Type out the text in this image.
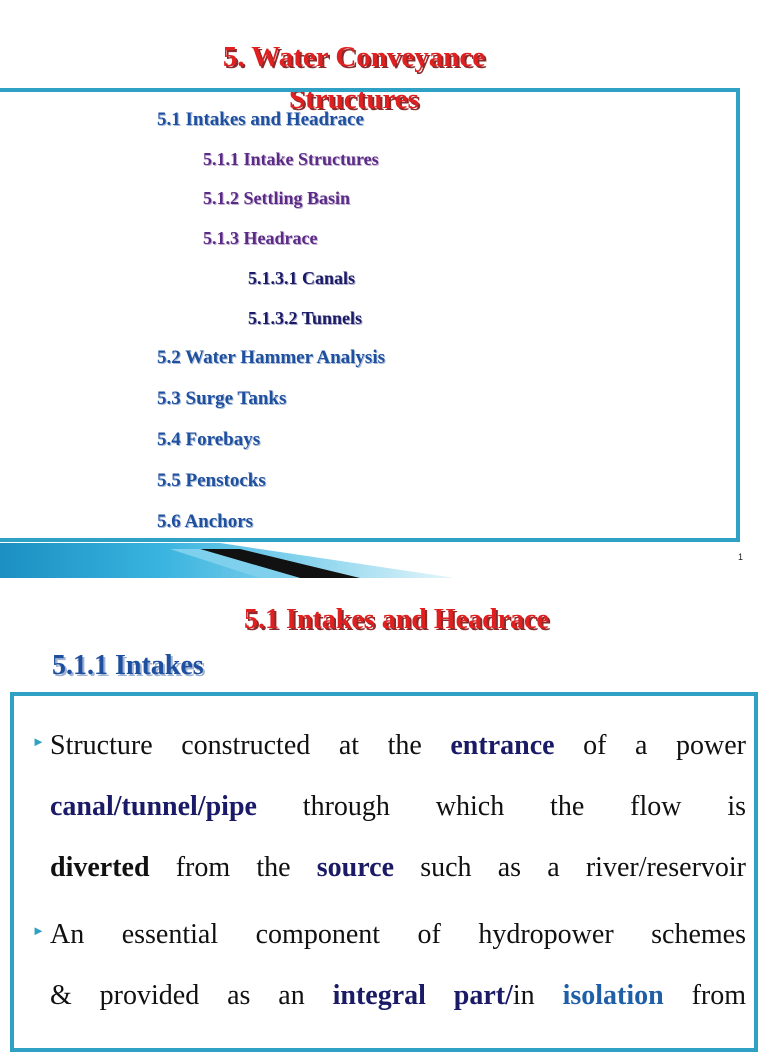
5. Water Conveyance
Structures
5.1 Intakes and Headrace
5.1.1 Intake Structures
5.1.2 Settling Basin
5.1.3 Headrace
5.1.3.1 Canals
5.1.3.2 Tunnels
5.2 Water Hammer Analysis
5.3 Surge Tanks
5.4 Forebays
5.5 Penstocks
5.6 Anchors
1
5.1 Intakes and Headrace
5.1.1 Intakes
► Structure constructed at the entrance of a power
canal/tunnel/pipe through which the flow is
diverted from the source such as a river/reservoir
► An essential component of hydropower schemes
& provided as an integral part/in isolation from
